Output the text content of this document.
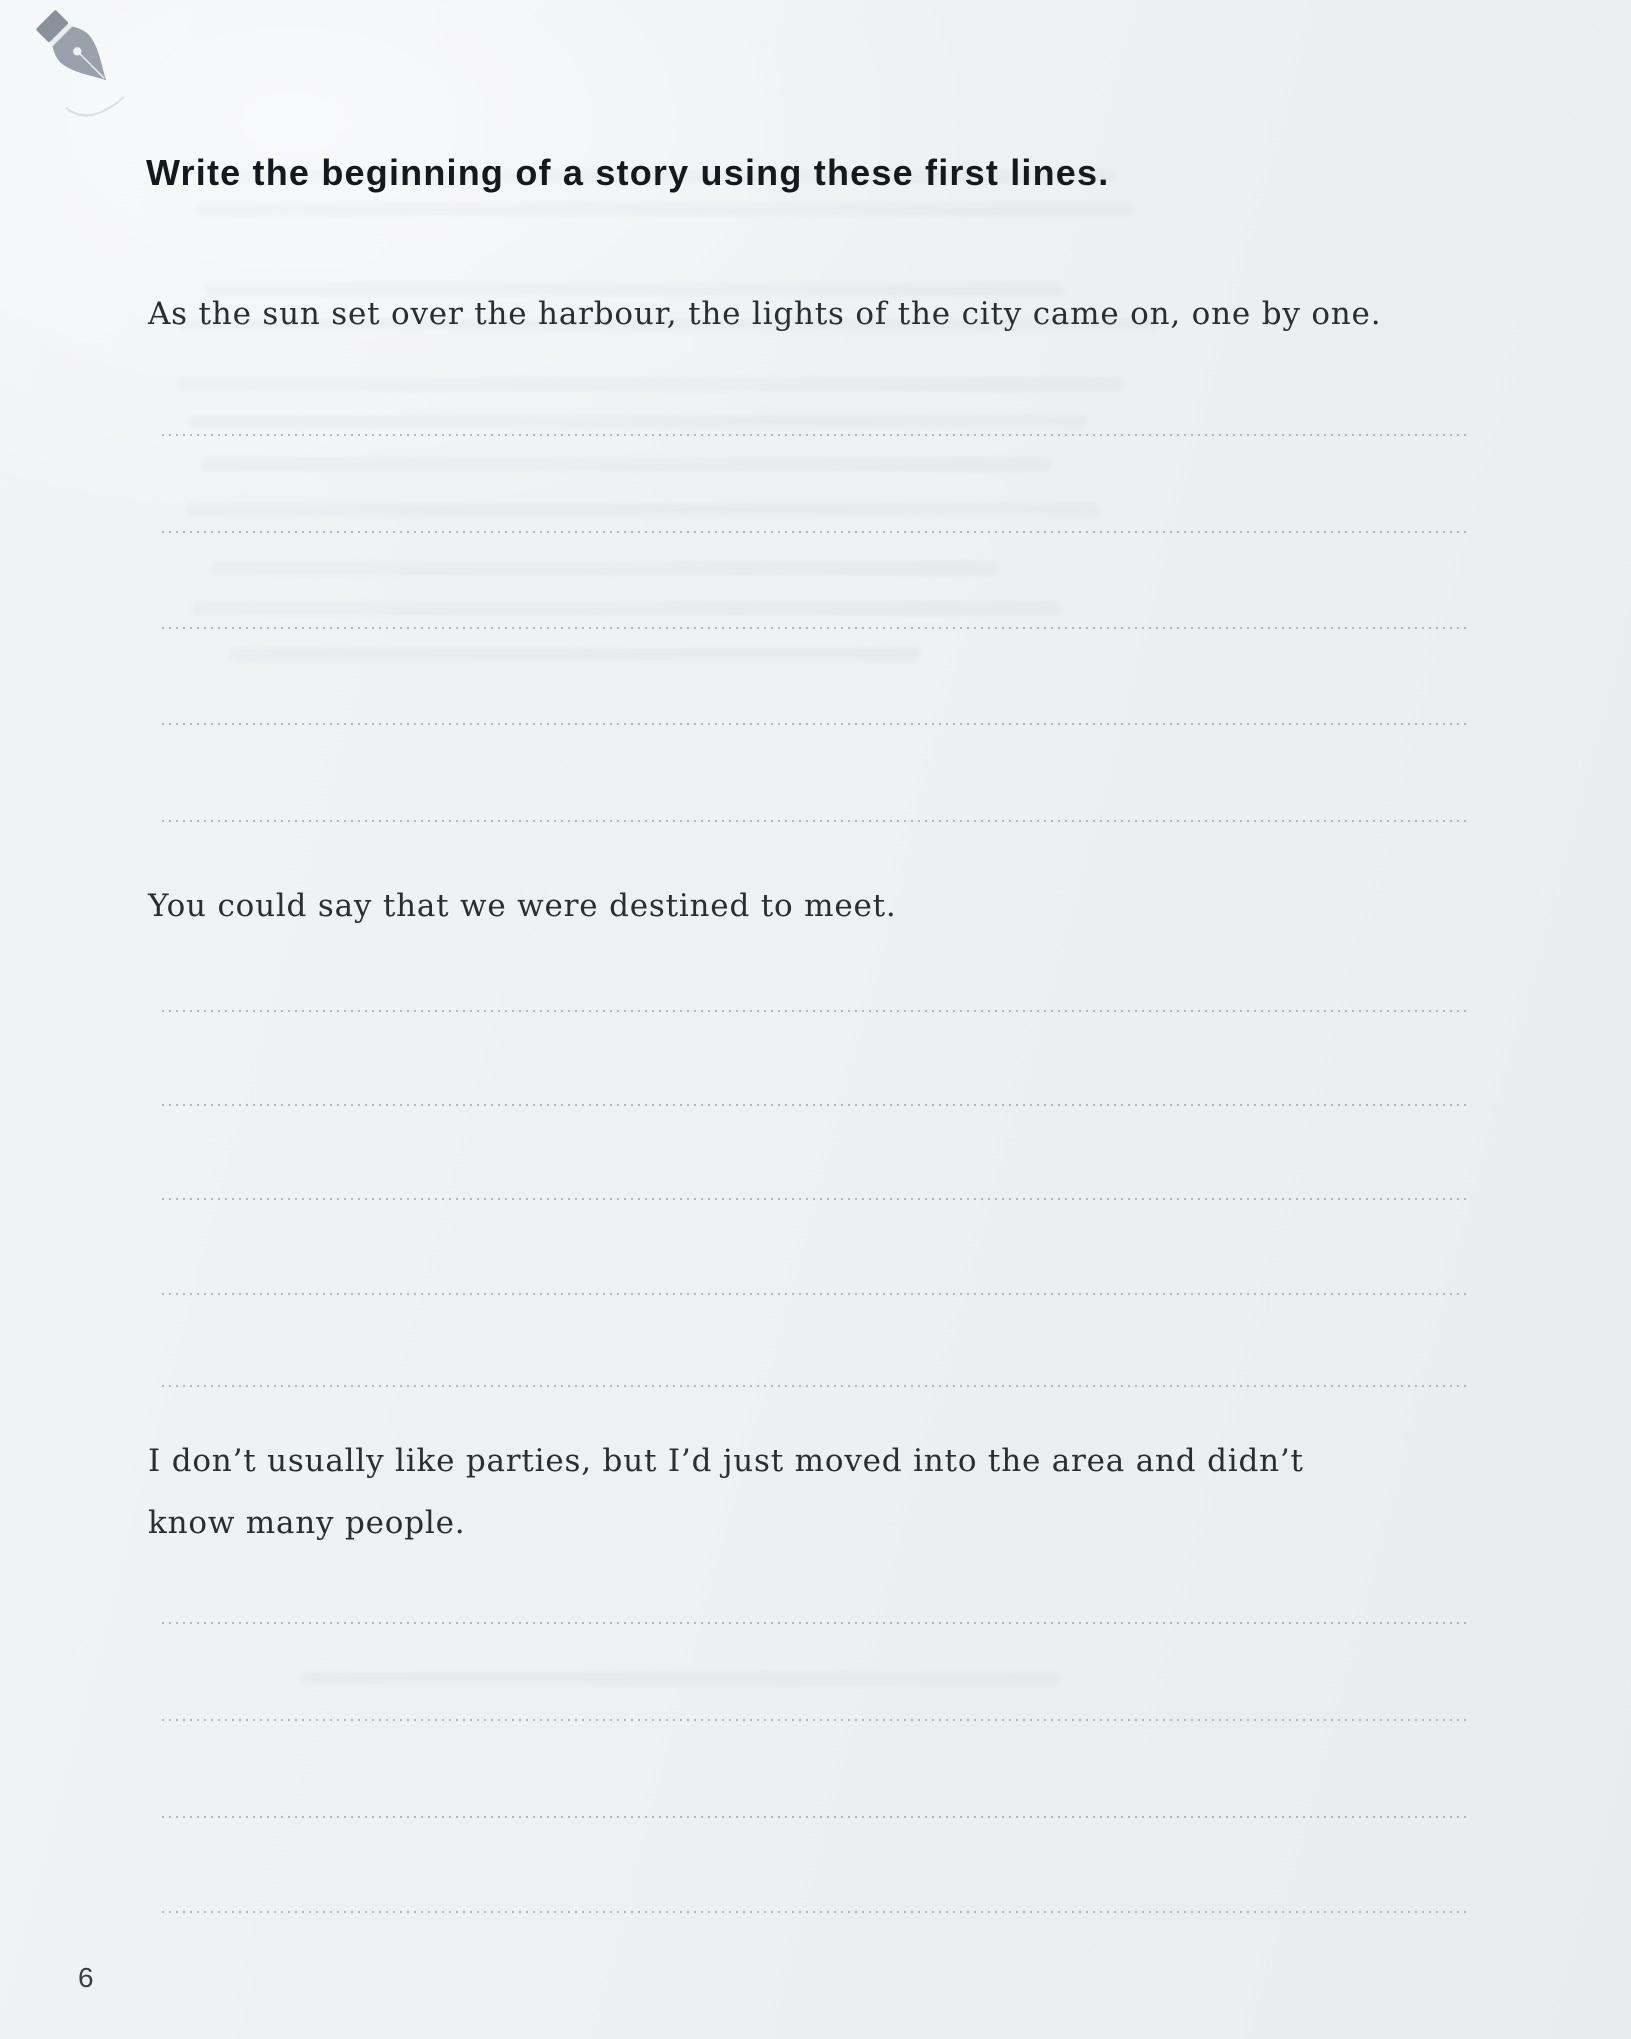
Write the beginning of a story using these first lines.

As the sun set over the harbour, the lights of the city came on, one by one.

You could say that we were destined to meet.

I don’t usually like parties, but I’d just moved into the area and didn’t

know many people.

6
